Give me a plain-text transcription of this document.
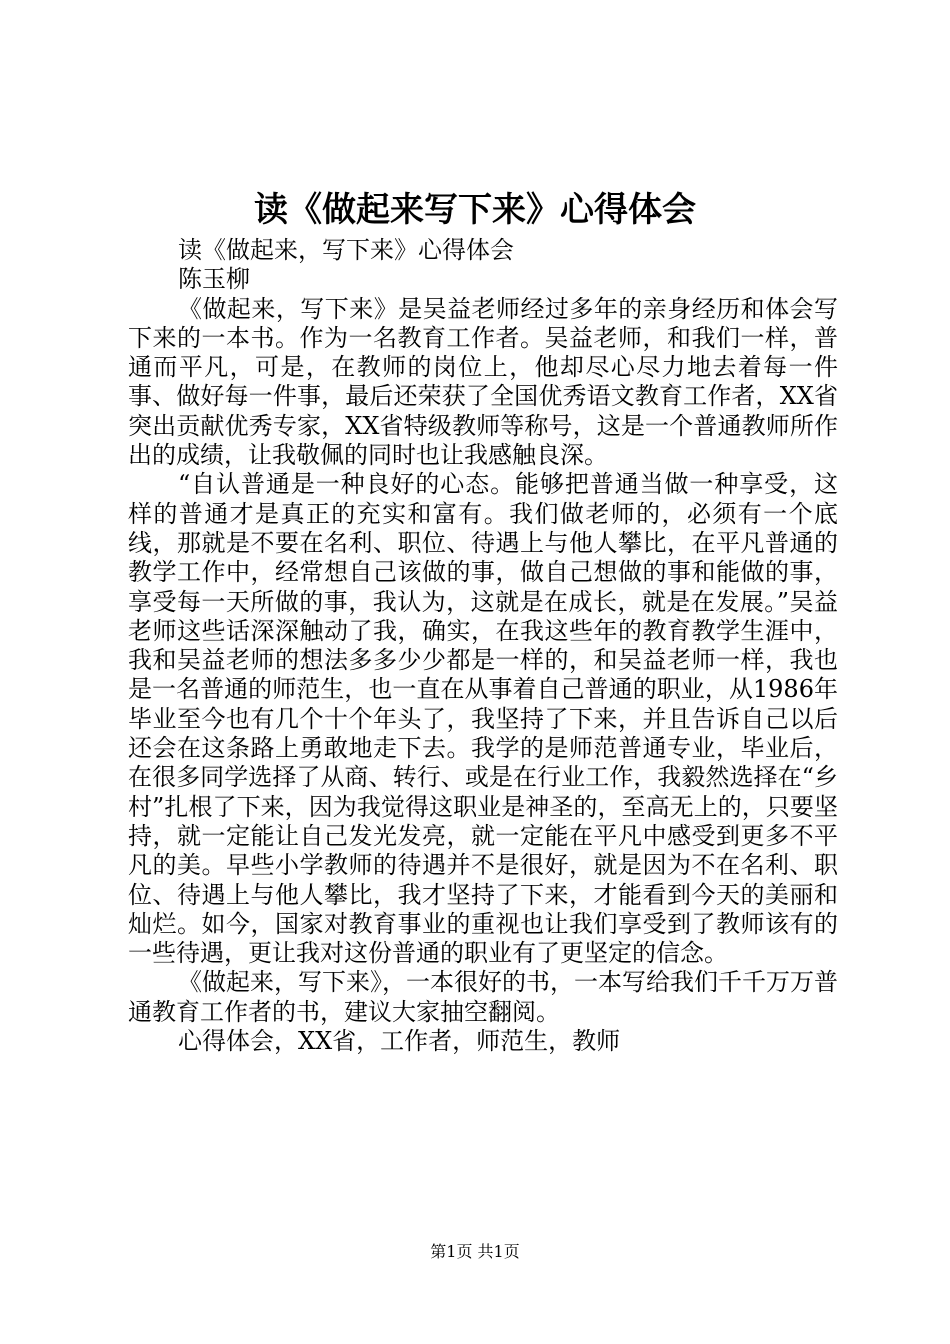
读《做起来写下来》心得体会

读《做起来，写下来》心得体会

陈玉柳

《做起来，写下来》是吴益老师经过多年的亲身经历和体会写下来的一本书。作为一名教育工作者。吴益老师，和我们一样，普通而平凡，可是，在教师的岗位上，他却尽心尽力地去着每一件事、做好每一件事，最后还荣获了全国优秀语文教育工作者，XX省突出贡献优秀专家，XX省特级教师等称号，这是一个普通教师所作出的成绩，让我敬佩的同时也让我感触良深。

“自认普通是一种良好的心态。能够把普通当做一种享受，这样的普通才是真正的充实和富有。我们做老师的，必须有一个底线，那就是不要在名利、职位、待遇上与他人攀比，在平凡普通的教学工作中，经常想自己该做的事，做自己想做的事和能做的事，享受每一天所做的事，我认为，这就是在成长，就是在发展。”吴益老师这些话深深触动了我，确实，在我这些年的教育教学生涯中，我和吴益老师的想法多多少少都是一样的，和吴益老师一样，我也是一名普通的师范生，也一直在从事着自己普通的职业，从1986年毕业至今也有几个十个年头了，我坚持了下来，并且告诉自己以后还会在这条路上勇敢地走下去。我学的是师范普通专业，毕业后，在很多同学选择了从商、转行、或是在行业工作，我毅然选择在“乡村”扎根了下来，因为我觉得这职业是神圣的，至高无上的，只要坚持，就一定能让自己发光发亮，就一定能在平凡中感受到更多不平凡的美。早些小学教师的待遇并不是很好，就是因为不在名利、职位、待遇上与他人攀比，我才坚持了下来，才能看到今天的美丽和灿烂。如今，国家对教育事业的重视也让我们享受到了教师该有的一些待遇，更让我对这份普通的职业有了更坚定的信念。

《做起来，写下来》，一本很好的书，一本写给我们千千万万普通教育工作者的书，建议大家抽空翻阅。

心得体会，XX省，工作者，师范生，教师

第1页 共1页
